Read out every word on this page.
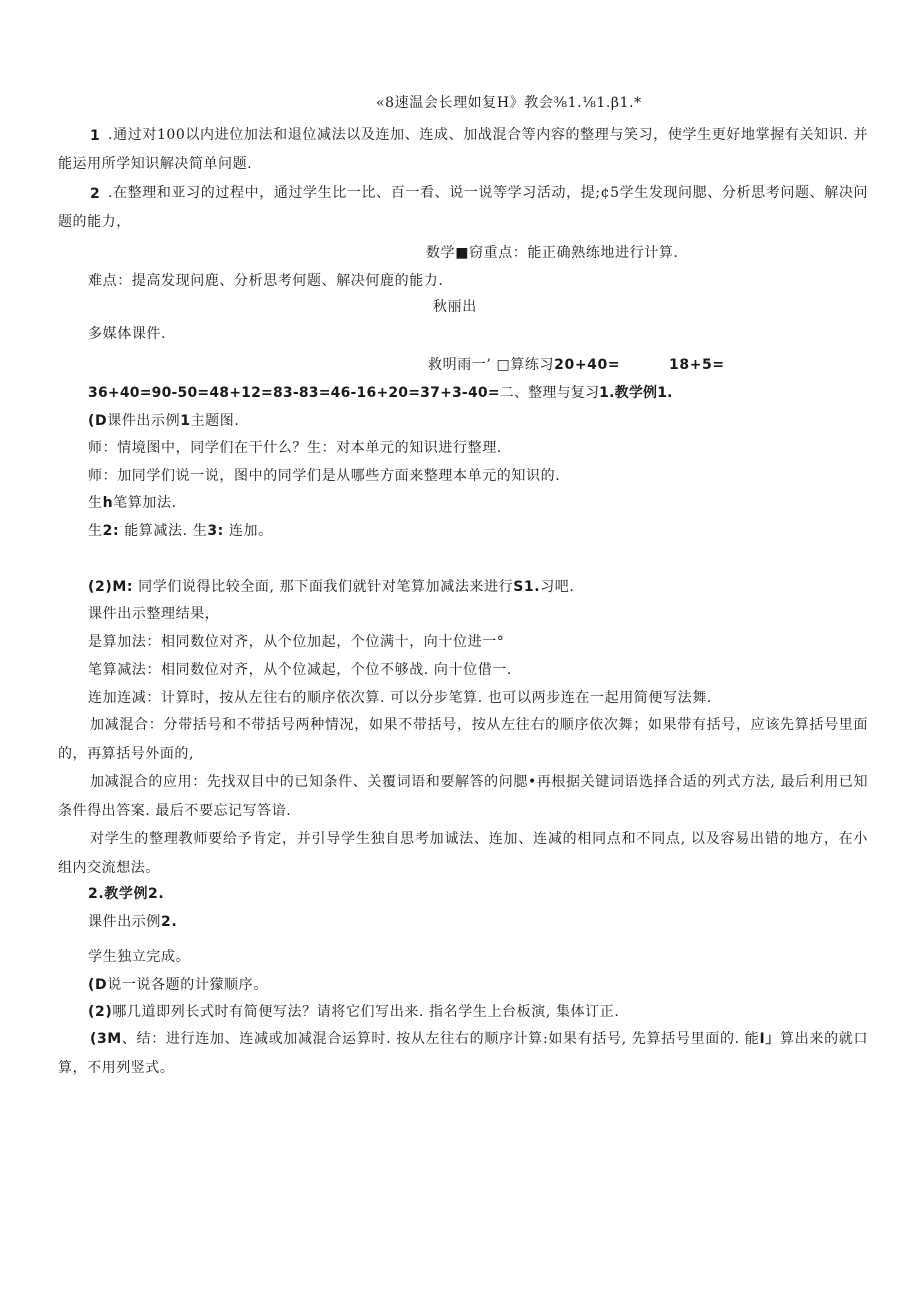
«8速温会长理如复H》教会⅜1.⅛1.β1.*
1 .通过对100以内进位加法和退位减法以及连加、连成、加战混合等内容的整理与笑习，使学生更好地掌握有关知识. 并能运用所学知识解决简单问题.
2 .在整理和亚习的过程中，通过学生比一比、百一看、说一说等学习活动，提;¢5学生发现问腮、分析思考问题、解决问题的能力，
数学■窃重点：能正确熟练地进行计算.
难点：提高发现问鹿、分析思考何题、解决何鹿的能力.
秋丽出
多媒体课件.
救明雨一’ □算练习20+40=	18+5=
36+40=90-50=48+12=83-83=46-16+20=37+3-40=二、整理与复习1.教学例1.
(D课件出示例1主题图.
师：情境图中，同学们在干什么？生：对本单元的知识进行整理.
师：加同学们说一说，图中的同学们是从哪些方面来整理本单元的知识的.
生h笔算加法.
生2: 能算减法. 生3: 连加。
(2)M: 同学们说得比较全面, 那下面我们就针对笔算加减法来进行S1.习吧.
课件出示整理结果，
是算加法：相同数位对齐，从个位加起，个位满十，向十位进一°
笔算减法：相同数位对齐，从个位减起，个位不够战. 向十位借一.
连加连减：计算时，按从左往右的顺序依次算. 可以分步笔算. 也可以两步连在一起用简便写法舞.
加减混合：分带括号和不带括号两种情况，如果不带括号，按从左往右的顺序依次舞；如果带有括号，应该先算括号里面的，再算括号外面的,
加减混合的应用：先找双目中的已知条件、关覆词语和要解答的问腮•再根据关键词语选择合适的列式方法, 最后利用已知条件得出答案. 最后不要忘记写答谙.
对学生的整理教师要给予肯定，并引导学生独自思考加诚法、连加、连减的相同点和不同点, 以及容易出错的地方，在小组内交流想法。
2.教学例2.
课件出示例2.
学生独立完成。
(D说一说各题的计獴顺序。
(2)哪几道即列长式时有简便写法？请将它们写出来. 指名学生上台板演, 集体订正.
(3M、结：进行连加、连减或加减混合运算时. 按从左往右的顺序计算:如果有括号, 先算括号里面的. 能I」算出来的就口算，不用列竖式。
